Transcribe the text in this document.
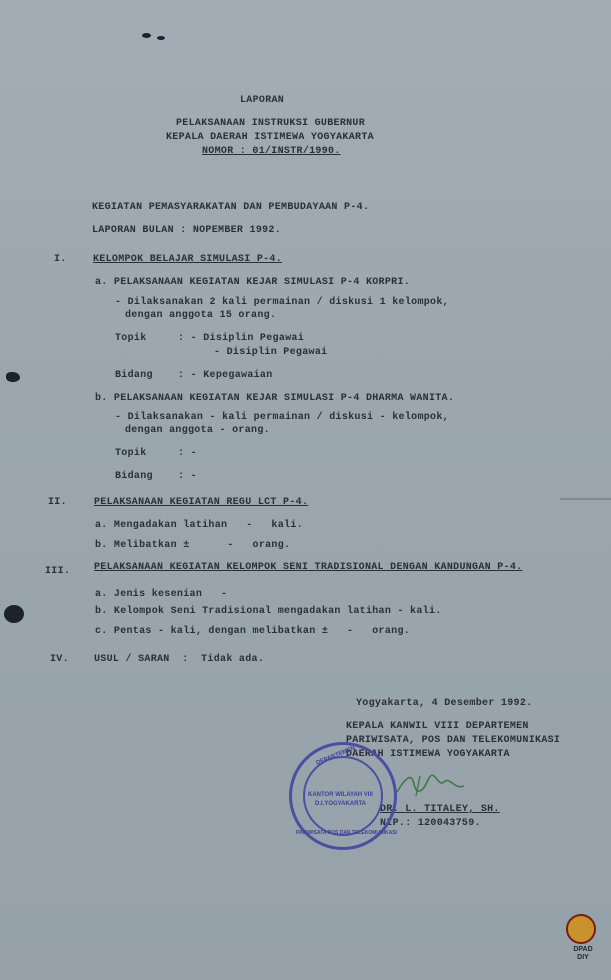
LAPORAN
PELAKSANAAN INSTRUKSI GUBERNUR
KEPALA DAERAH ISTIMEWA YOGYAKARTA
NOMOR : 01/INSTR/1990.
KEGIATAN PEMASYARAKATAN DAN PEMBUDAYAAN P-4.
LAPORAN BULAN : NOPEMBER 1992.
I.	KELOMPOK BELAJAR SIMULASI P-4.
a. PELAKSANAAN KEGIATAN KEJAR SIMULASI P-4 KORPRI.
- Dilaksanakan 2 kali permainan / diskusi 1 kelompok,
dengan anggota 15 orang.
Topik     : - Disiplin Pegawai
- Disiplin Pegawai
Bidang    : - Kepegawaian
b. PELAKSANAAN KEGIATAN KEJAR SIMULASI P-4 DHARMA WANITA.
- Dilaksanakan - kali permainan / diskusi - kelompok,
dengan anggota - orang.
Topik     : -
Bidang    : -
II.	PELAKSANAAN KEGIATAN REGU LCT P-4.
a. Mengadakan latihan   -   kali.
b. Melibatkan ±      -   orang.
III. PELAKSANAAN KEGIATAN KELOMPOK SENI TRADISIONAL DENGAN KANDUNGAN P-4.
a. Jenis kesenian   -
b. Kelompok Seni Tradisional mengadakan latihan - kali.
c. Pentas - kali, dengan melibatkan ±   -   orang.
IV.	USUL / SARAN  :  Tidak ada.
Yogyakarta, 4 Desember 1992.
KEPALA KANWIL VIII DEPARTEMEN
PARIWISATA, POS DAN TELEKOMUNIKASI
DAERAH ISTIMEWA YOGYAKARTA
DR. L. TITALEY, SH.
NIP.: 120043759.
DEPARTEMEN
KANTOR WILAYAH VIII
D.I.YOGYAKARTA
PARIWISATA POS DAN TELEKOMUNIKASI
DPAD
DIY
